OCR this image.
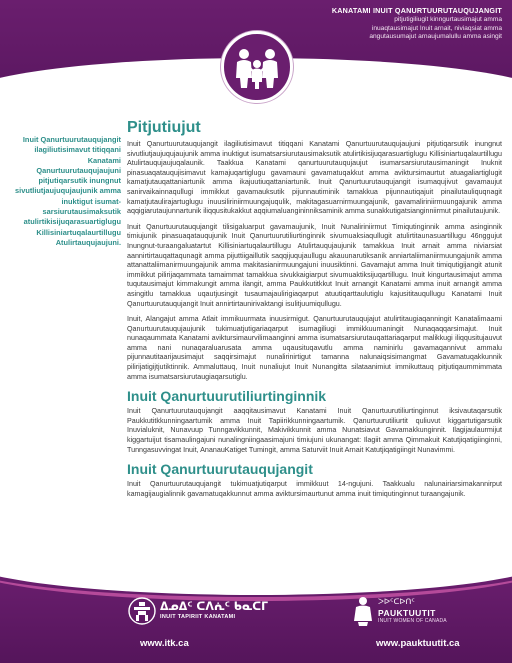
KANATAMI INUIT QANURTUURUTAUQUJANGIT
pitjutigiliugit kinngurtausimajut amma
inuaqtausimajut Inuit arnait, niviaqsiat amma
angutausumajut arnaujumalullu amma asingit
Inuit Qanurtuurutauqujangit ilagiliutisimavut titiqqani Kanatami Qanurtuurutauqujaujuni pitjutiqarsutik inungnut sivutliutjaujuqujaujunik amma inuktigut isumat-sarsiurutausimaksutik atulirtikisijuqarasuartiglugu Killisiniartuqalaurtillugu Atulirtauqujaujuni.
Pitjutiujut

Inuit Qanurtuurutauqujangit ilagiliutisimavut titiqqani Kanatami Qanurtuurutauqujaujuni pitjutiqarsutik inungnut sivutliutjaujuqujaujunik amma inuktigut isumatsarsiurutausimaksutik atulirtikisijuqarasuartiglugu Killisiniartuqalaurtillugu Atulirtauqujaujuqalaunik. Taakkua Kanatami qanurtuurutauqujaujut isumarsarsiurutausimaningit Inuknit pinasuaqatauqujisimavut kamajuqartiglugu gavamauni gavamatuqakkut amma aviktursimaurtut atuagaliartiglugit kamatjutauqattaniartunik amma ikajuutiuqattaniartunik. Inuit Qanurtuurutauqujangit isumaqujivut gavamaujut sanirvaikainnaqullugi immikkut gavamauksutik pijunnautiminik tamakkua pijunnautiqajuit pinailutauliquqnagit kamatjutaulirajartuglugu inuusiliriniirmuungajuqulik, makitagasuarnirmuungajunik, gavamaliriniirmuungajunik amma aqqigiarutaujunnartunik iliqqusitukakkut aqqiumaluangininniksaminik amma sunakkutigatsianginniirmut pinailutaujunik.

Inuit Qanurtuurutauqujangit tilisigaluarput gavamaujunik, Inuit Nunaliriniirmut Timiqutinginnik amma asinginnik timiujunik pinasuaqatauqujunik Inuit Qanurtuurutiliurtinginnik sivumuaksiaqullugit atulirtitaunasuartillugu 46nggujut Inungnut-turaangaluatartut Killisiniartuqalaurtillugu Atulirtauqujaujunik tamakkua Inuit arnait amma niviarsiat aannirtirtauqattaqunagit amma pijuttiigaillutik saqqijuqujaullugu akauunarutiksanik anniartaliimaniirmuungajunik amma attanattaliimanirmuungajunik amma makitasianirmuungajuni inuusiktinni. Gavamajut amma Inuit timiqutigijangit atunit immikkut pilirijaqammata tamaimmat tamakkua sivukkaigiarput sivumuaktiksijuqartillugu. Inuit kingurtausimajut amma tuqutausimajut kimmakungit amma ilangit, amma Paukkutitkkut Inuit arnangit Kanatami amma inuit arnangit amma asingitlu tamakkua uqautjusingit tusaumajaulirigiaqarput atuutiqarttaulutiglu kajusititauqullugu Kanatami Inuit Qanurtuurutauqujangit Inuit annirtirtaunirivaktangi isulitjuumiqullugu.

Inuit, Alangajut amma Atlait immikuurmata inuusirmigut. Qanurtuurutauqujajut atulirtitaugiaqanningit Kanatalimaami Qanurtuurutauqujaujunik tukimuatjutigariaqarput isumagiliugi immikkuumaningit Nunaqaqqarsimajut. Inuit nunaqaummata Kanatami aviktursimaurvilimaanginni amma isumatsarsiurutauqattariaqarput malikkugi iliqqusitujauvut amma nani nunaqaraluarusata amma uqausituqavutlu amma naminirlu gavamaqannivut ammalu pijunnautitaarijausimajut saqqirsimajut nunalirinirtigut tamanna nalunaiqsisimangmat Gavamatuqakkunnik pilirijatigijtjutiktinnik. Ammaluttauq, Inuit nunaliujut Inuit Nunangitta silataanimiut immikuttauq pitjutiqaummimmata amma isumatsarsiurutaugiaqarsutiglu.

Inuit Qanurtuurutiliurtinginnik

Inuit Qanurtuurutauqujangit aaqqitausimavut Kanatami Inuit Qanurtuurutiliurtinginnut iksivautaqarsutik Paukkutitkkunningaartumik amma Inuit Tapiirikkunningaartumik. Qanurtuurutiliurtit quliuvut kiggartutigarsutik Inuvialuknit, Nunavuup Tunngavikkunnit, Makivikkunnit amma Nunatsiavut Gavamakkunginnit. Ilagijaulaurmijut kiggartuijut tisamaulingajuni nunalingniingaasimajuni timiujuni ukunangat: Ilagiit amma Qimmakuit Katutjiqatigiinginni, Tunngasuvvingat Inuit, AnanauKatiget Tumingit, amma Saturviit Inuit Arnait Katutjiqatigiingit Nunavimmi.

Inuit Qanurtuurutauqujangit

Inuit Qanurtuurutauqujangit tukimuatjutiqarput immikkuut 14-ngujuni. Taakkualu nalunairiarsimakannirput kamagijaugialinnik gavamatuqakkunnut amma aviktursimaurtunut amma inuit timiqutinginnut turaangajunik.

ᐃᓄᐃᑦ ᑕᐱᕇᑦ ᑲᓇᑕᒥ
INUIT TAPIRIIT KANATAMI
www.itk.ca
ᐳᐅᑦᑕᐅᑎᑦ
PAUKTUUTIT
INUIT WOMEN OF CANADA
www.pauktuutit.ca
